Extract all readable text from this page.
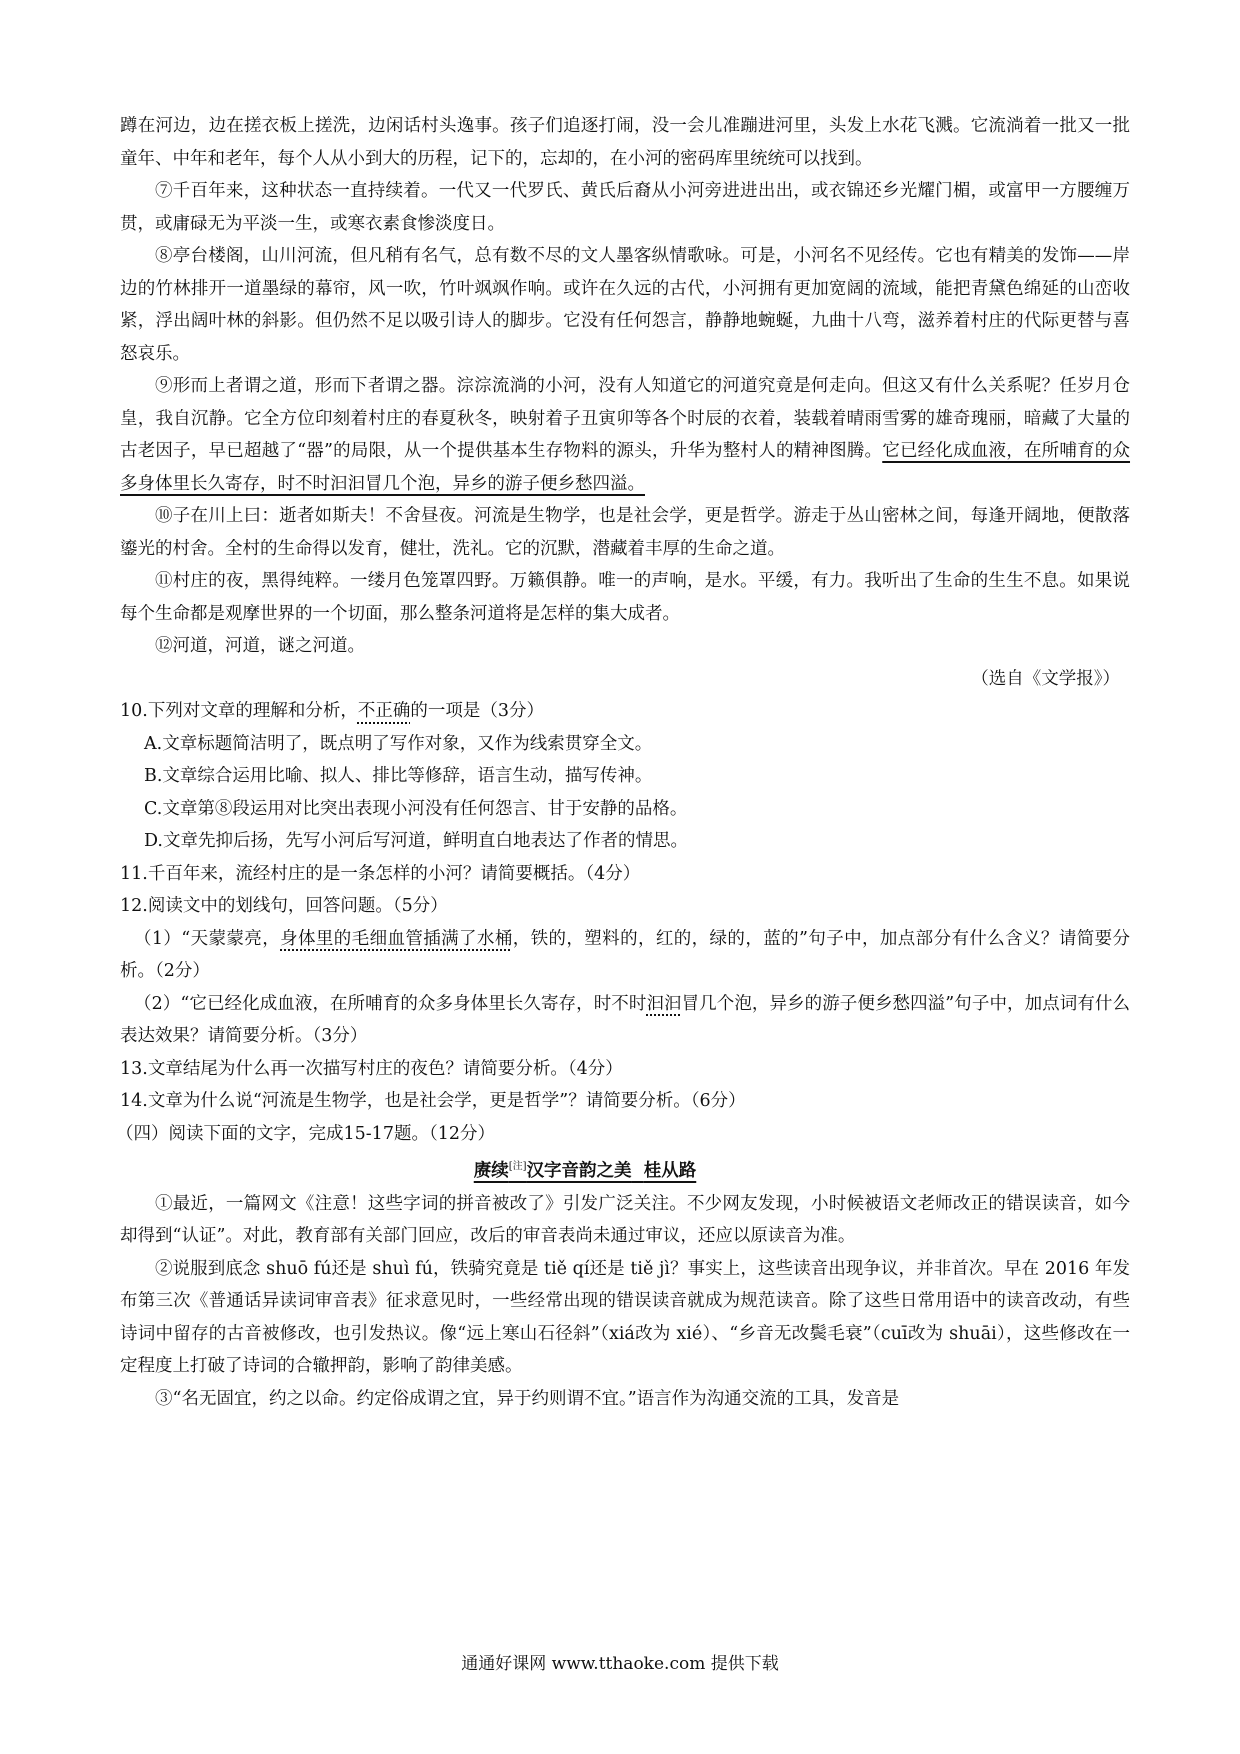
蹲在河边，边在搓衣板上搓洗，边闲话村头逸事。孩子们追逐打闹，没一会儿准蹦进河里，头发上水花飞溅。它流淌着一批又一批童年、中年和老年，每个人从小到大的历程，记下的，忘却的，在小河的密码库里统统可以找到。

⑦千百年来，这种状态一直持续着。一代又一代罗氏、黄氏后裔从小河旁进进出出，或衣锦还乡光耀门楣，或富甲一方腰缠万贯，或庸碌无为平淡一生，或寒衣素食惨淡度日。

⑧亭台楼阁，山川河流，但凡稍有名气，总有数不尽的文人墨客纵情歌咏。可是，小河名不见经传。它也有精美的发饰——岸边的竹林排开一道墨绿的幕帘，风一吹，竹叶飒飒作响。或许在久远的古代，小河拥有更加宽阔的流域，能把青黛色绵延的山峦收紧，浮出阔叶林的斜影。但仍然不足以吸引诗人的脚步。它没有任何怨言，静静地蜿蜒，九曲十八弯，滋养着村庄的代际更替与喜怒哀乐。

⑨形而上者谓之道，形而下者谓之器。淙淙流淌的小河，没有人知道它的河道究竟是何走向。但这又有什么关系呢？任岁月仓皇，我自沉静。它全方位印刻着村庄的春夏秋冬，映射着子丑寅卯等各个时辰的衣着，装载着晴雨雪雾的雄奇瑰丽，暗藏了大量的古老因子，早已超越了“器”的局限，从一个提供基本生存物料的源头，升华为整村人的精神图腾。它已经化成血液，在所哺育的众多身体里长久寄存，时不时汩汩冒几个泡，异乡的游子便乡愁四溢。

⑩子在川上曰：逝者如斯夫！不舍昼夜。河流是生物学，也是社会学，更是哲学。游走于丛山密林之间，每逢开阔地，便散落鎏光的村舍。全村的生命得以发育，健壮，洗礼。它的沉默，潜藏着丰厚的生命之道。

⑪村庄的夜，黑得纯粹。一缕月色笼罩四野。万籁俱静。唯一的声响，是水。平缓，有力。我听出了生命的生生不息。如果说每个生命都是观摩世界的一个切面，那么整条河道将是怎样的集大成者。

⑫河道，河道，谜之河道。

（选自《文学报》）

10.下列对文章的理解和分析，不正确的一项是（3分）

A.文章标题简洁明了，既点明了写作对象，又作为线索贯穿全文。

B.文章综合运用比喻、拟人、排比等修辞，语言生动，描写传神。

C.文章第⑧段运用对比突出表现小河没有任何怨言、甘于安静的品格。

D.文章先抑后扬，先写小河后写河道，鲜明直白地表达了作者的情思。

11.千百年来，流经村庄的是一条怎样的小河？请简要概括。（4分）

12.阅读文中的划线句，回答问题。（5分）

（1）“天蒙蒙亮，身体里的毛细血管插满了水桶，铁的，塑料的，红的，绿的，蓝的”句子中，加点部分有什么含义？请简要分析。（2分）

（2）“它已经化成血液，在所哺育的众多身体里长久寄存，时不时汩汩冒几个泡，异乡的游子便乡愁四溢”句子中，加点词有什么表达效果？请简要分析。（3分）

13.文章结尾为什么再一次描写村庄的夜色？请简要分析。（4分）

14.文章为什么说“河流是生物学，也是社会学，更是哲学”？请简要分析。（6分）

（四）阅读下面的文字，完成15-17题。（12分）

赓续[注]汉字音韵之美 桂从路

①最近，一篇网文《注意！这些字词的拼音被改了》引发广泛关注。不少网友发现，小时候被语文老师改正的错误读音，如今却得到“认证”。对此，教育部有关部门回应，改后的审音表尚未通过审议，还应以原读音为准。

②说服到底念 shuō fú还是 shuì fú，铁骑究竟是 tiě qí还是 tiě jì？事实上，这些读音出现争议，并非首次。早在 2016 年发布第三次《普通话异读词审音表》征求意见时，一些经常出现的错误读音就成为规范读音。除了这些日常用语中的读音改动，有些诗词中留存的古音被修改，也引发热议。像“远上寒山石径斜”（xiá改为 xié）、“乡音无改鬓毛衰”（cuī改为 shuāi），这些修改在一定程度上打破了诗词的合辙押韵，影响了韵律美感。

③“名无固宜，约之以命。约定俗成谓之宜，异于约则谓不宜。”语言作为沟通交流的工具，发音是

通通好课网 www.tthaoke.com 提供下载
